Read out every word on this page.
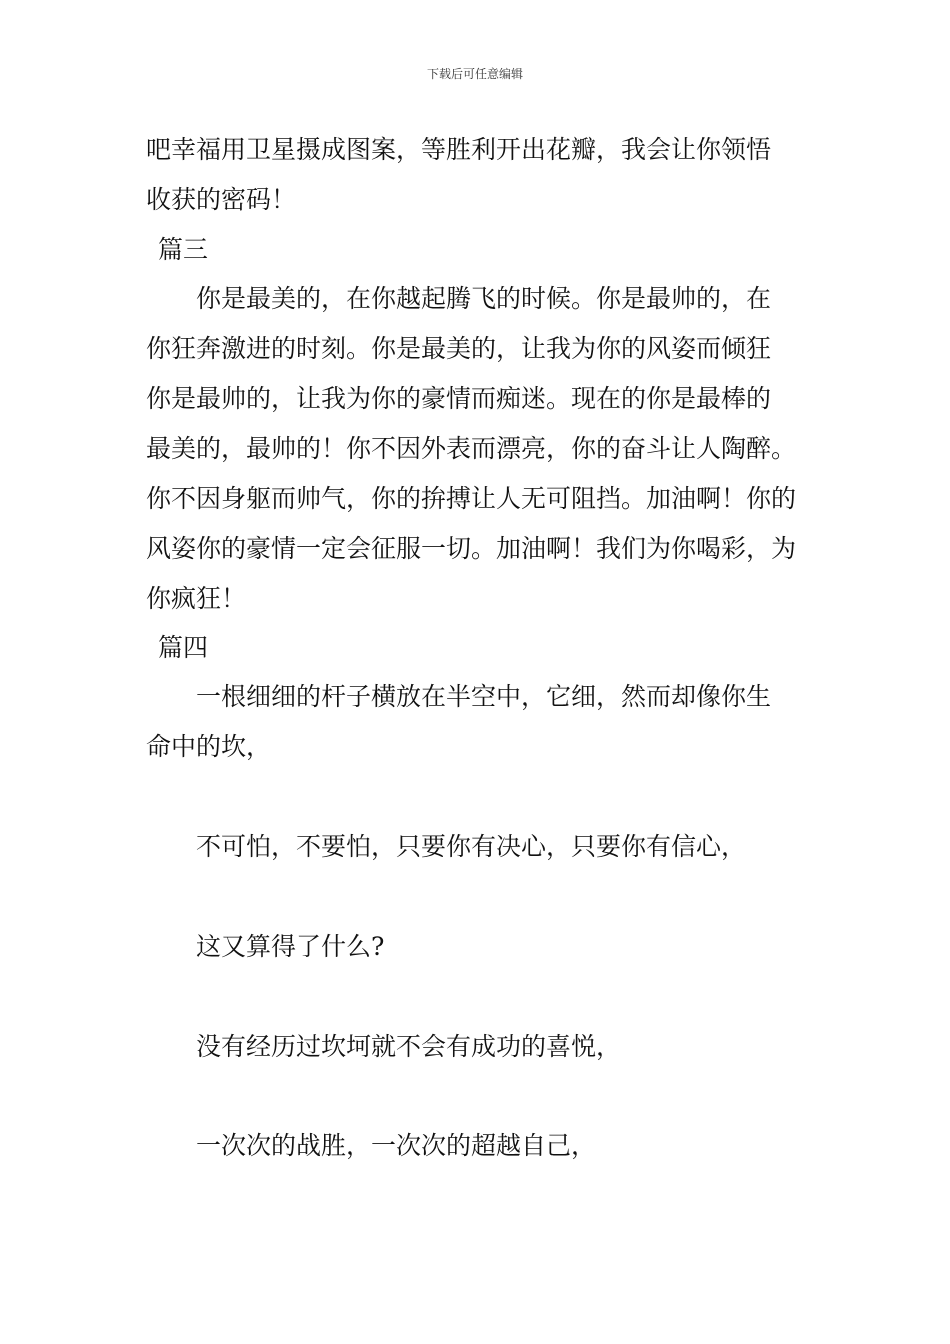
下载后可任意编辑
吧幸福用卫星摄成图案，等胜利开出花瓣，我会让你领悟
收获的密码！
篇三
你是最美的，在你越起腾飞的时候。你是最帅的，在
你狂奔激进的时刻。你是最美的，让我为你的风姿而倾狂
你是最帅的，让我为你的豪情而痴迷。现在的你是最棒的
最美的，最帅的！你不因外表而漂亮，你的奋斗让人陶醉。
你不因身躯而帅气，你的拚搏让人无可阻挡。加油啊！你的
风姿你的豪情一定会征服一切。加油啊！我们为你喝彩，为
你疯狂！
篇四
一根细细的杆子横放在半空中，它细，然而却像你生
命中的坎，
不可怕，不要怕，只要你有决心，只要你有信心，
这又算得了什么?
没有经历过坎坷就不会有成功的喜悦，
一次次的战胜，一次次的超越自己，
